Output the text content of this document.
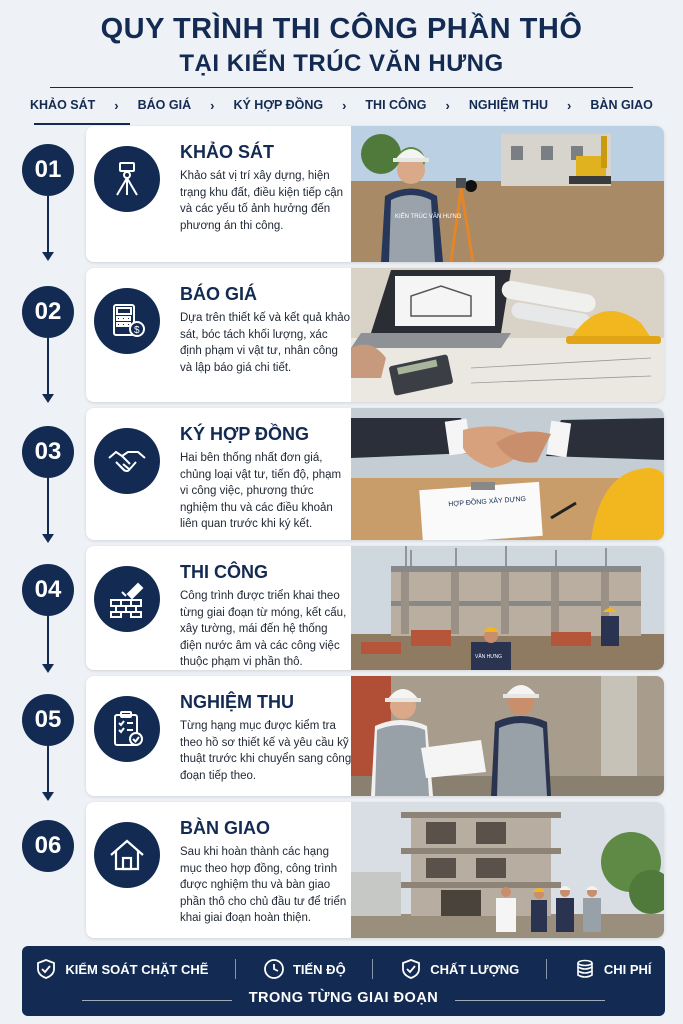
QUY TRÌNH THI CÔNG PHẦN THÔ
TẠI KIẾN TRÚC VĂN HƯNG
KHẢO SÁT › BÁO GIÁ › KÝ HỢP ĐỒNG › THI CÔNG › NGHIỆM THU › BÀN GIAO
01
KHẢO SÁT
Khảo sát vị trí xây dựng, hiện trạng khu đất, điều kiện tiếp cận và các yếu tố ảnh hưởng đến phương án thi công.
KIẾN TRÚC VĂN HƯNG
02
$
BÁO GIÁ
Dựa trên thiết kế và kết quả khảo sát, bóc tách khối lượng, xác định phạm vi vật tư, nhân công và lập báo giá chi tiết.
03
KÝ HỢP ĐỒNG
Hai bên thống nhất đơn giá, chủng loại vật tư, tiến độ, phạm vi công việc, phương thức nghiệm thu và các điều khoản liên quan trước khi ký kết.
HỢP ĐỒNG XÂY DỰNG
04
THI CÔNG
Công trình được triển khai theo từng giai đoạn từ móng, kết cấu, xây tường, mái đến hệ thống điện nước âm và các công việc thuộc phạm vi phần thô.	VĂN HƯNG
05
NGHIỆM THU
Từng hạng mục được kiểm tra theo hồ sơ thiết kế và yêu cầu kỹ thuật trước khi chuyển sang công đoạn tiếp theo.
06
BÀN GIAO
Sau khi hoàn thành các hạng mục theo hợp đồng, công trình được nghiệm thu và bàn giao phần thô cho chủ đầu tư để triển khai giai đoạn hoàn thiện.
KIỂM SOÁT CHẶT CHẼ	TIẾN ĐỘ	CHẤT LƯỢNG	CHI PHÍ
TRONG TỪNG GIAI ĐOẠN
